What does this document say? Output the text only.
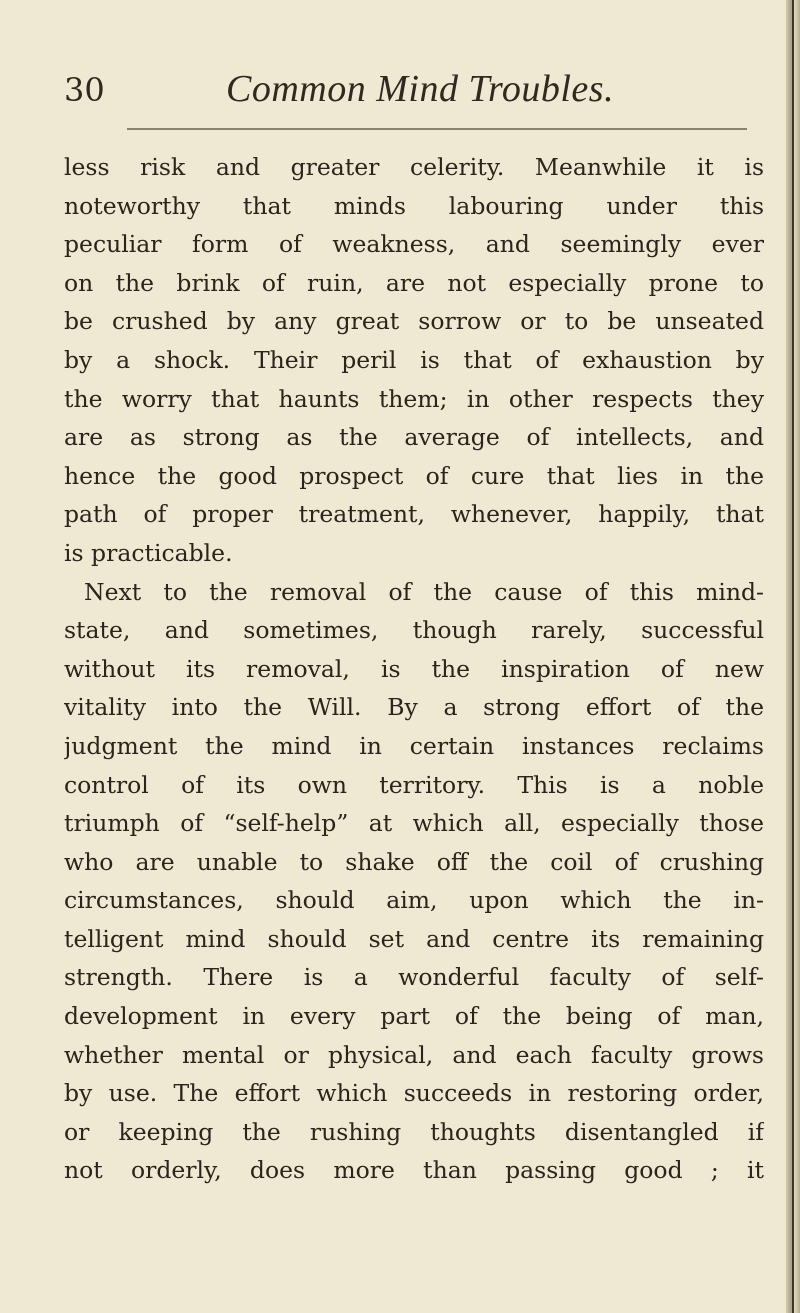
30	Common Mind Troubles.
less risk and greater celerity. Meanwhile it is
noteworthy that minds labouring under this
peculiar form of weakness, and seemingly ever
on the brink of ruin, are not especially prone to
be crushed by any great sorrow or to be unseated
by a shock. Their peril is that of exhaustion by
the worry that haunts them; in other respects they
are as strong as the average of intellects, and
hence the good prospect of cure that lies in the
path of proper treatment, whenever, happily, that
is practicable.
Next to the removal of the cause of this mind-
state, and sometimes, though rarely, successful
without its removal, is the inspiration of new
vitality into the Will. By a strong effort of the
judgment the mind in certain instances reclaims
control of its own territory. This is a noble
triumph of “self-help” at which all, especially those
who are unable to shake off the coil of crushing
circumstances, should aim, upon which the in-
telligent mind should set and centre its remaining
strength. There is a wonderful faculty of self-
development in every part of the being of man,
whether mental or physical, and each faculty grows
by use. The effort which succeeds in restoring order,
or keeping the rushing thoughts disentangled if
not orderly, does more than passing good ; it
